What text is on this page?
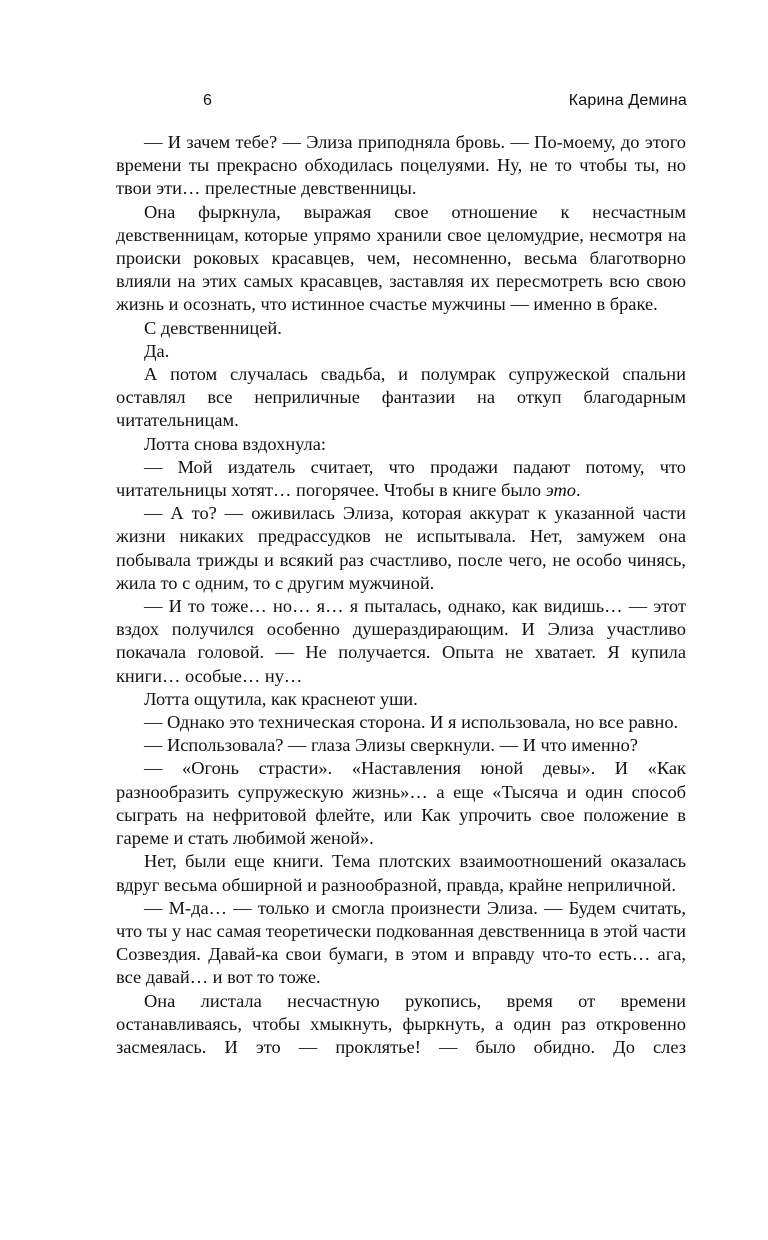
6	Карина Демина

— И зачем тебе? — Элиза приподняла бровь. — По-моему, до этого времени ты прекрасно обходилась поцелуями. Ну, не то чтобы ты, но твои эти… прелестные девственницы.

Она фыркнула, выражая свое отношение к несчастным девственницам, которые упрямо хранили свое целомудрие, несмотря на происки роковых красавцев, чем, несомненно, весьма благотворно влияли на этих самых красавцев, заставляя их пересмотреть всю свою жизнь и осознать, что истинное счастье мужчины — именно в браке.

С девственницей.

Да.

А потом случалась свадьба, и полумрак супружеской спальни оставлял все неприличные фантазии на откуп благодарным читательницам.

Лотта снова вздохнула:

— Мой издатель считает, что продажи падают потому, что читательницы хотят… погорячее. Чтобы в книге было это.

— А то? — оживилась Элиза, которая аккурат к указанной части жизни никаких предрассудков не испытывала. Нет, замужем она побывала трижды и всякий раз счастливо, после чего, не особо чинясь, жила то с одним, то с другим мужчиной.

— И то тоже… но… я… я пыталась, однако, как видишь… — этот вздох получился особенно душераздирающим. И Элиза участливо покачала головой. — Не получается. Опыта не хватает. Я купила книги… особые… ну…

Лотта ощутила, как краснеют уши.

— Однако это техническая сторона. И я использовала, но все равно.

— Использовала? — глаза Элизы сверкнули. — И что именно?

— «Огонь страсти». «Наставления юной девы». И «Как разнообразить супружескую жизнь»… а еще «Тысяча и один способ сыграть на нефритовой флейте, или Как упрочить свое положение в гареме и стать любимой женой».

Нет, были еще книги. Тема плотских взаимоотношений оказалась вдруг весьма обширной и разнообразной, правда, крайне неприличной.

— М-да… — только и смогла произнести Элиза. — Будем считать, что ты у нас самая теоретически подкованная девственница в этой части Созвездия. Давай-ка свои бумаги, в этом и вправду что-то есть… ага, все давай… и вот то тоже.

Она листала несчастную рукопись, время от времени останавливаясь, чтобы хмыкнуть, фыркнуть, а один раз откровенно засмеялась. И это — проклятье! — было обидно. До слез
